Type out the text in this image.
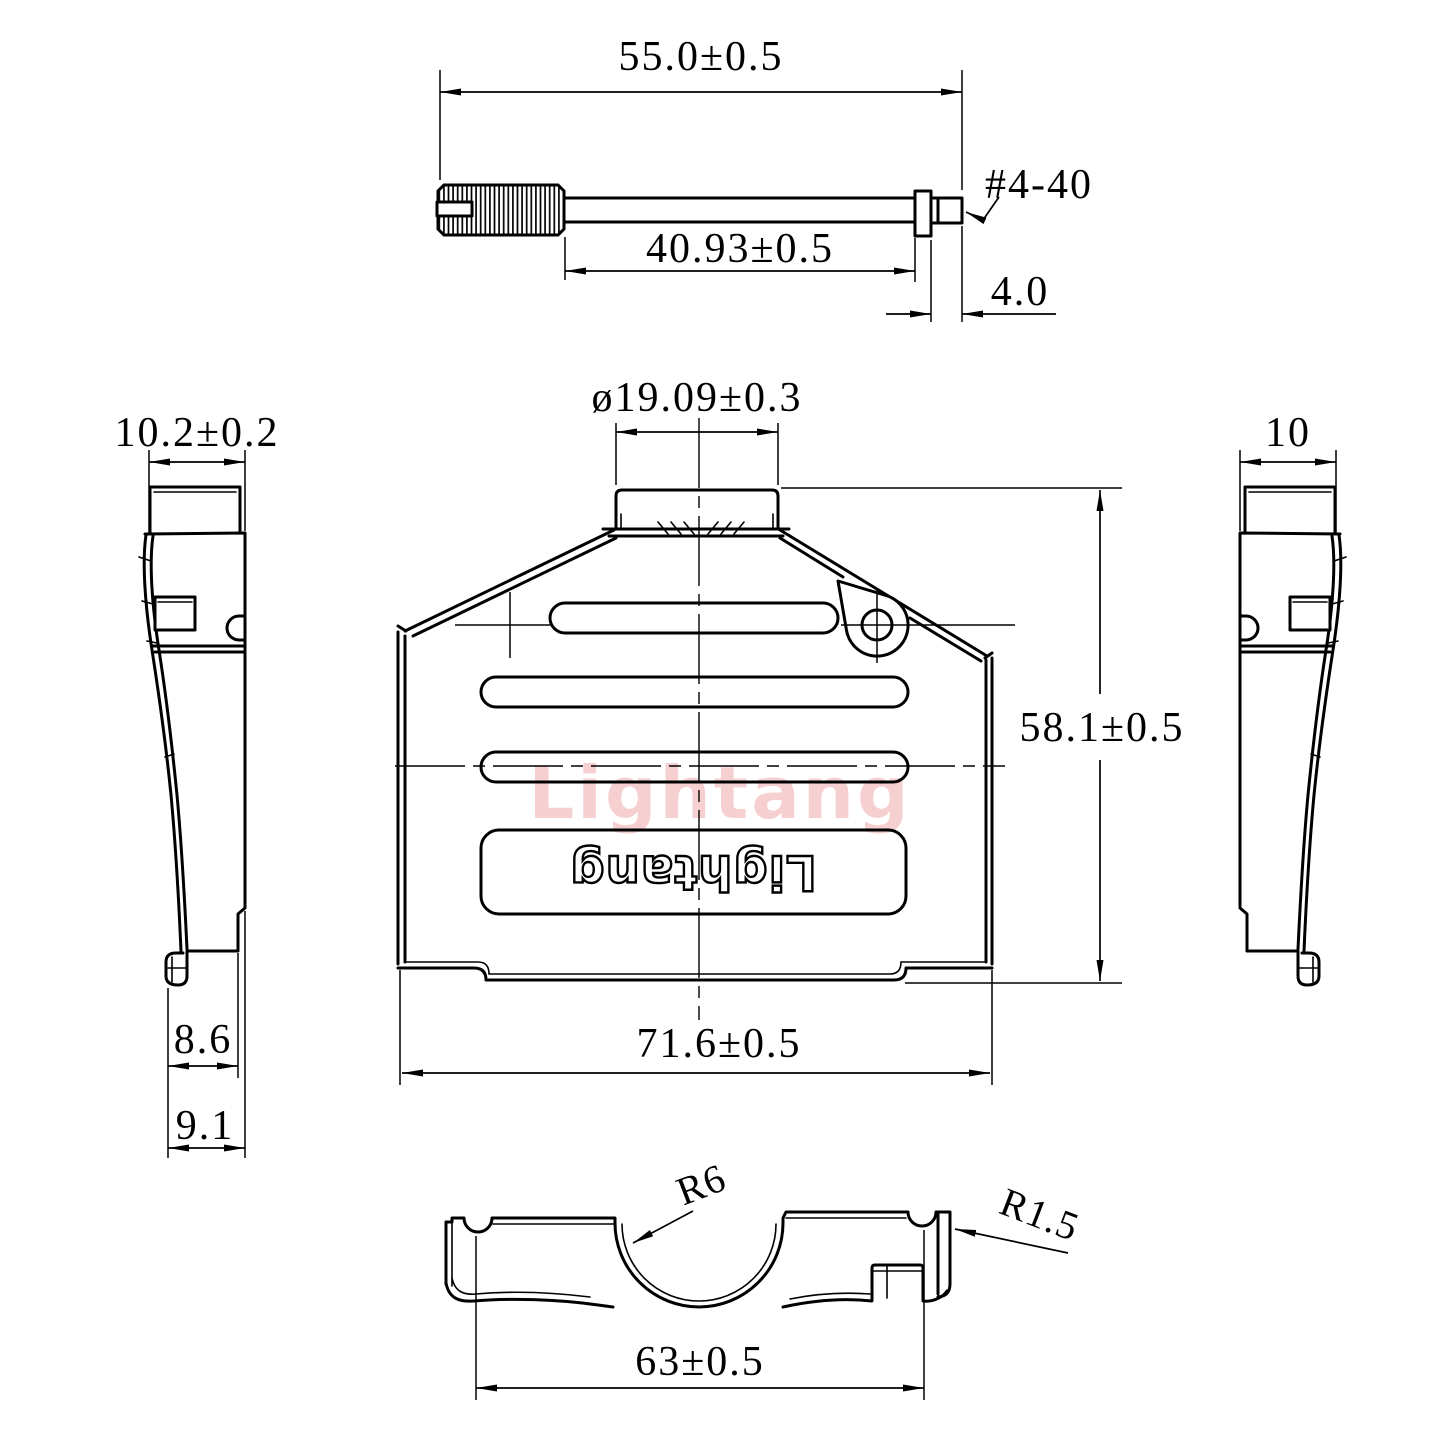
Lightang
55.0±0.5
40.93±0.5
4.0
#4-40
10.2±0.2
8.6
9.1
Lightang
ø19.09±0.3
58.1±0.5
71.6±0.5
10
R6	R1.5
63±0.5
